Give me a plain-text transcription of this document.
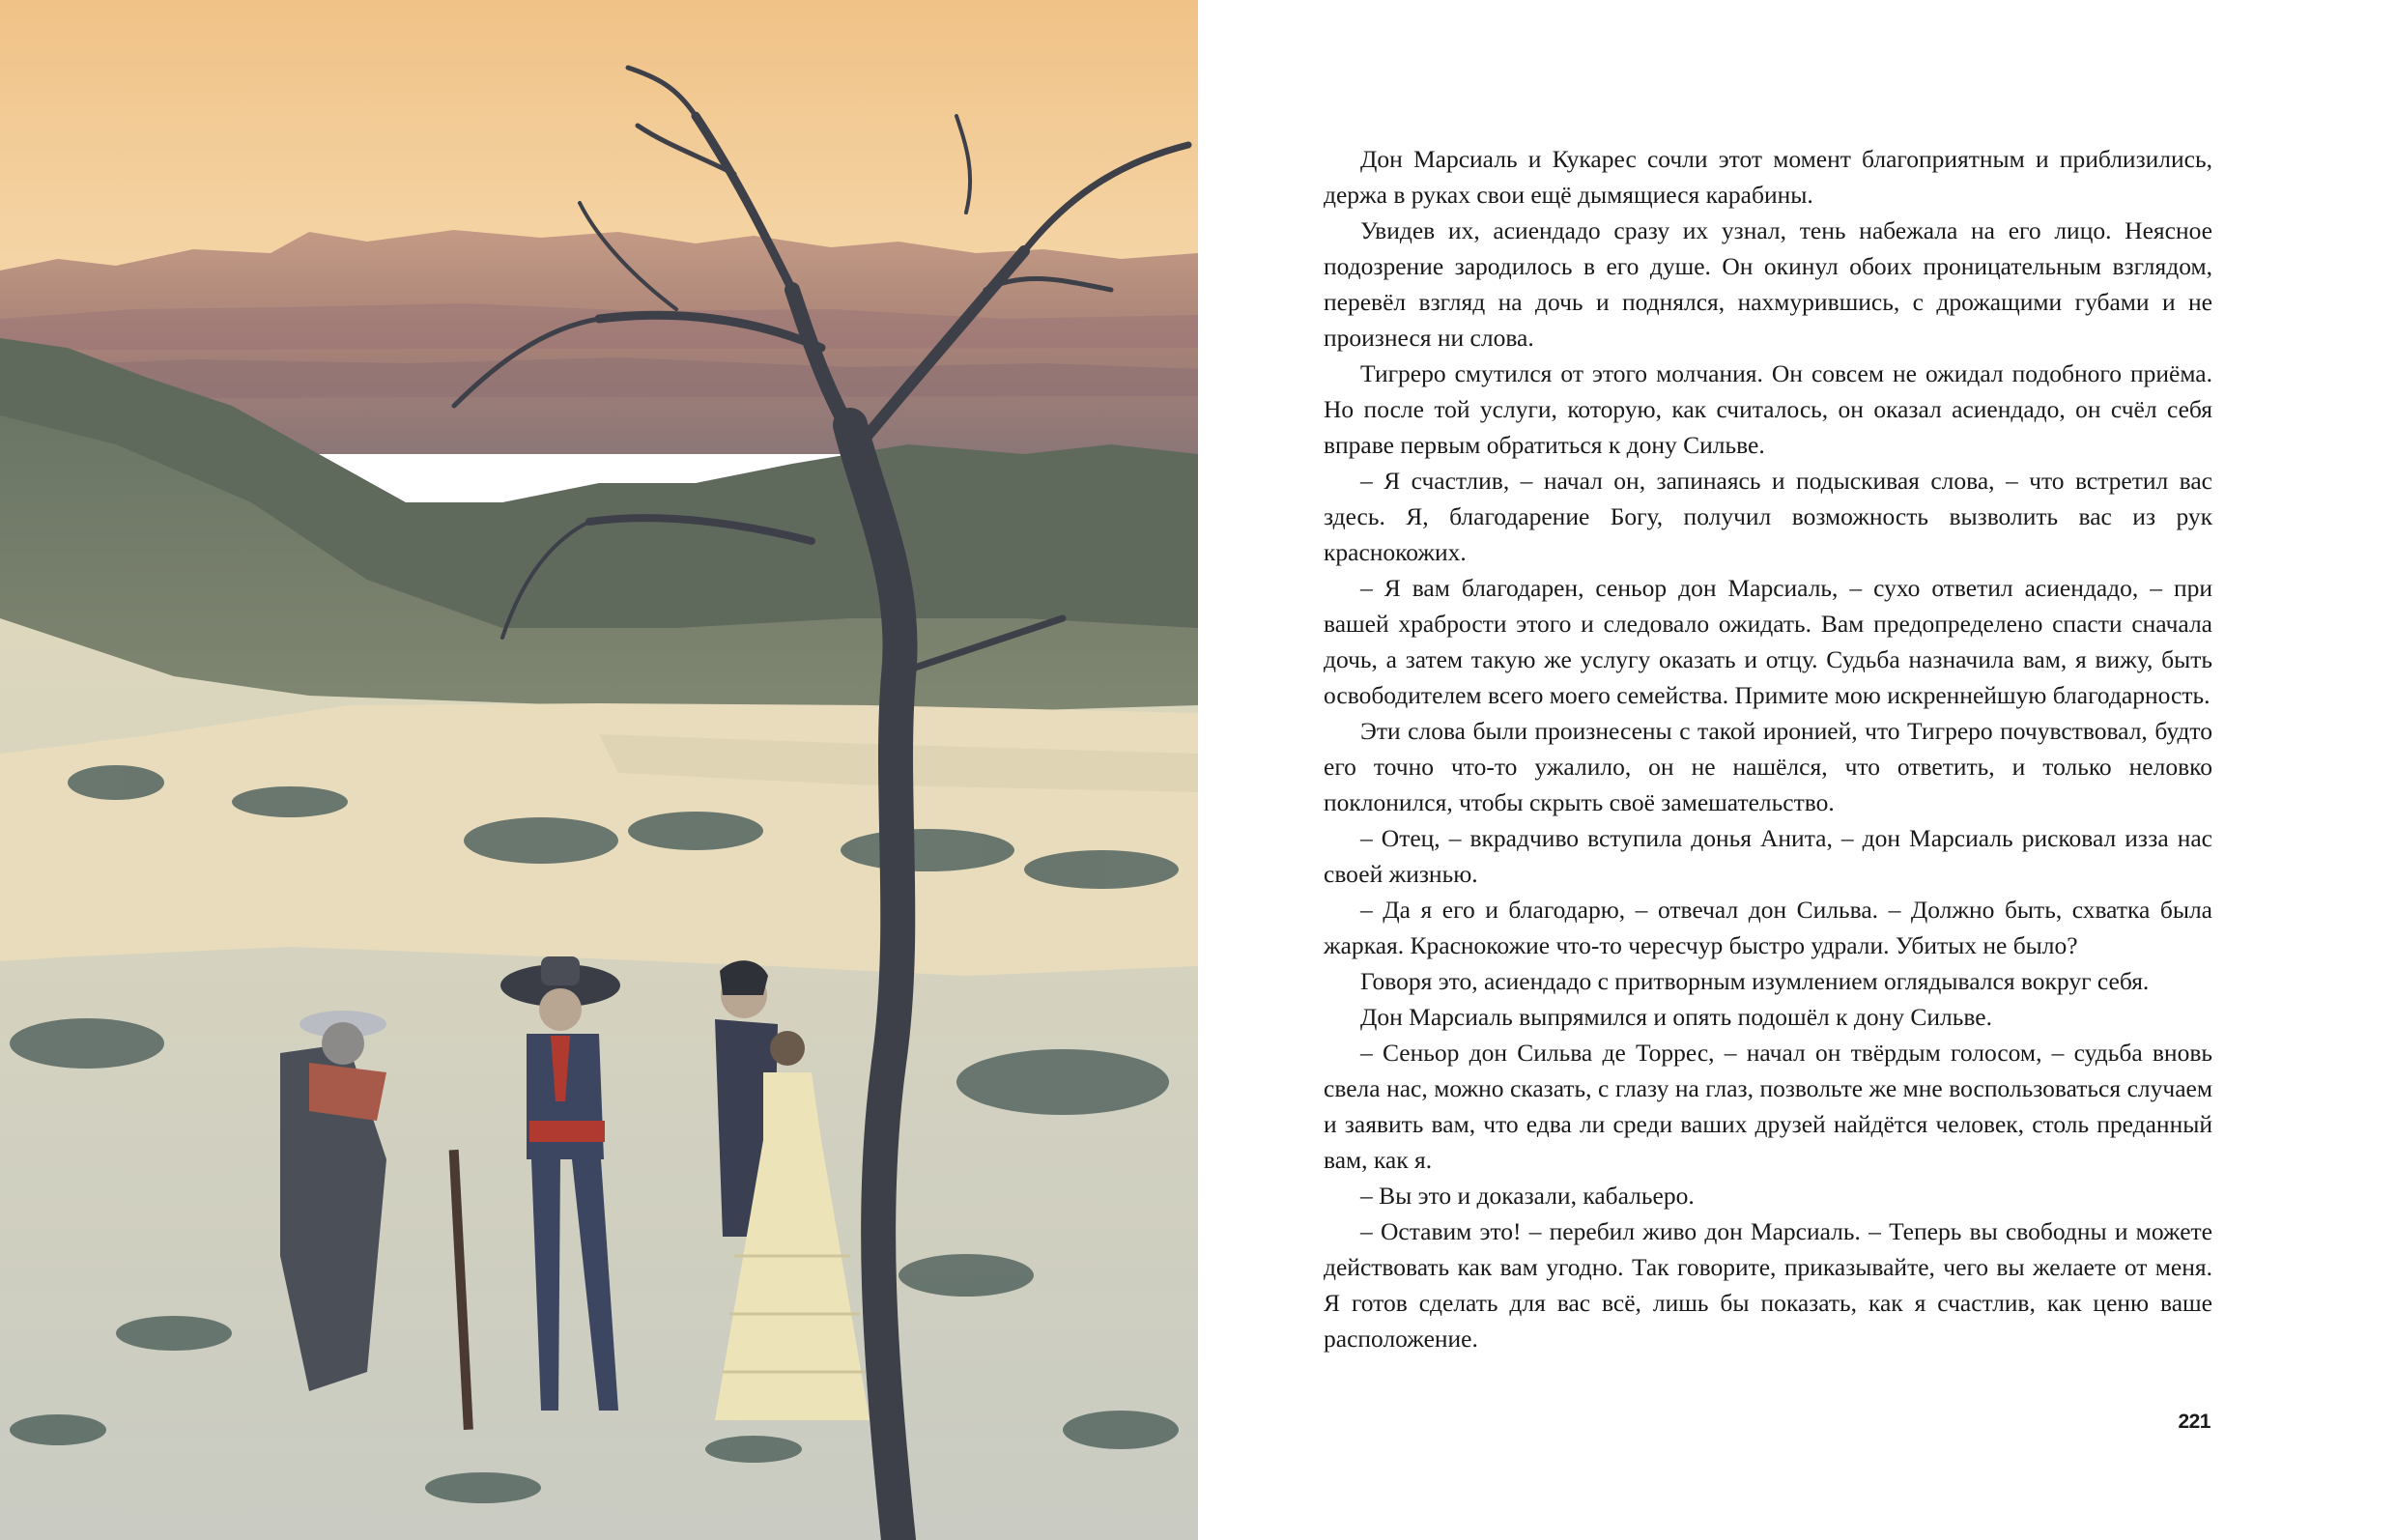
Дон Марсиаль и Кукарес сочли этот момент благоприятным и приблизились, держа в руках свои ещё дымящиеся карабины.

Увидев их, асиендадо сразу их узнал, тень набежала на его лицо. Неясное подозрение зародилось в его душе. Он окинул обоих проницательным взглядом, перевёл взгляд на дочь и поднялся, нахмурившись, с дрожащими губами и не произнеся ни слова.

Тигреро смутился от этого молчания. Он совсем не ожидал подобного приёма. Но после той услуги, которую, как считалось, он оказал асиендадо, он счёл себя вправе первым обратиться к дону Сильве.

– Я счастлив, – начал он, запинаясь и подыскивая слова, – что встретил вас здесь. Я, благодарение Богу, получил возможность вызволить вас из рук краснокожих.

– Я вам благодарен, сеньор дон Марсиаль, – сухо ответил асиендадо, – при вашей храбрости этого и следовало ожидать. Вам предопределено спасти сначала дочь, а затем такую же услугу оказать и отцу. Судьба назначила вам, я вижу, быть освободителем всего моего семейства. Примите мою искреннейшую благодарность.

Эти слова были произнесены с такой иронией, что Тигреро почувствовал, будто его точно что-то ужалило, он не нашёлся, что ответить, и только неловко поклонился, чтобы скрыть своё замешательство.

– Отец, – вкрадчиво вступила донья Анита, – дон Марсиаль рисковал изза нас своей жизнью.

– Да я его и благодарю, – отвечал дон Сильва. – Должно быть, схватка была жаркая. Краснокожие что-то чересчур быстро удрали. Убитых не было?

Говоря это, асиендадо с притворным изумлением оглядывался вокруг себя.

Дон Марсиаль выпрямился и опять подошёл к дону Сильве.

– Сеньор дон Сильва де Торрес, – начал он твёрдым голосом, – судьба вновь свела нас, можно сказать, с глазу на глаз, позвольте же мне воспользоваться случаем и заявить вам, что едва ли среди ваших друзей найдётся человек, столь преданный вам, как я.

– Вы это и доказали, кабальеро.

– Оставим это! – перебил живо дон Марсиаль. – Теперь вы свободны и можете действовать как вам угодно. Так говорите, приказывайте, чего вы желаете от меня. Я готов сделать для вас всё, лишь бы показать, как я счастлив, как ценю ваше расположение.

221
